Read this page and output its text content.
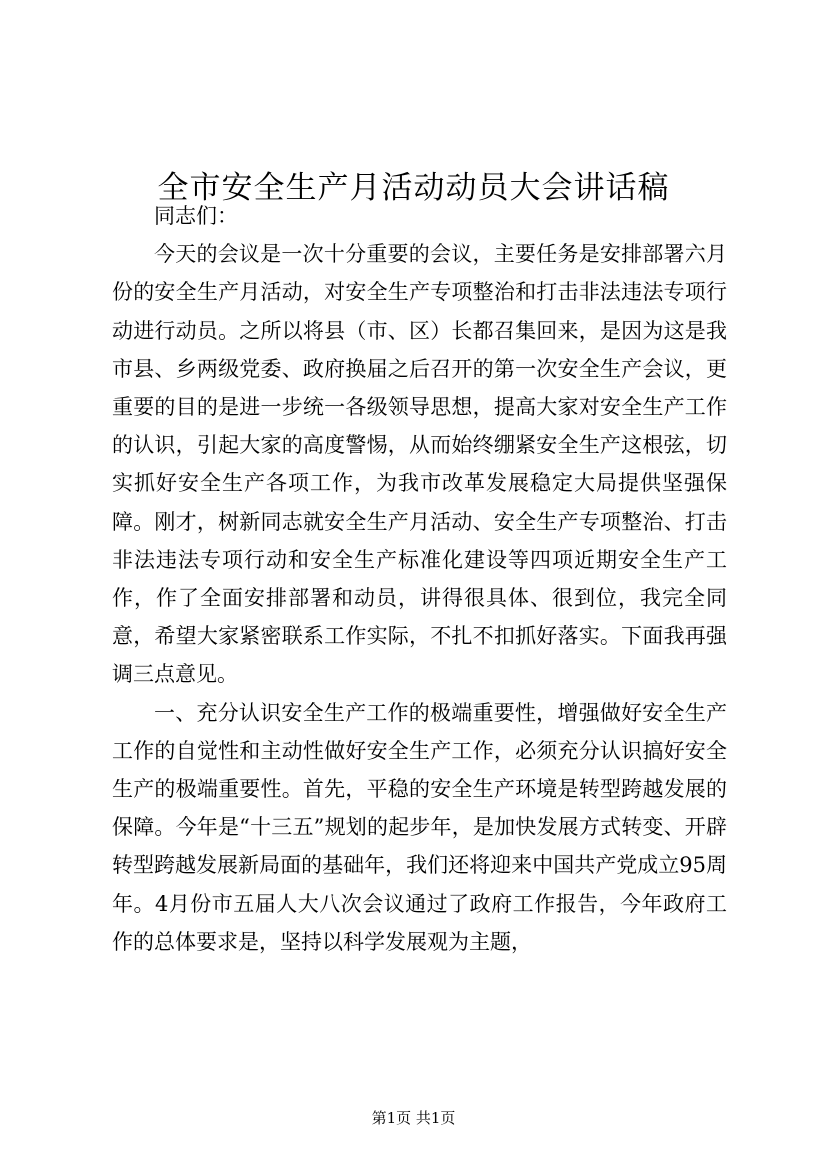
全市安全生产月活动动员大会讲话稿

同志们：

今天的会议是一次十分重要的会议，主要任务是安排部署六月份的安全生产月活动，对安全生产专项整治和打击非法违法专项行动进行动员。之所以将县（市、区）长都召集回来，是因为这是我市县、乡两级党委、政府换届之后召开的第一次安全生产会议，更重要的目的是进一步统一各级领导思想，提高大家对安全生产工作的认识，引起大家的高度警惕，从而始终绷紧安全生产这根弦，切实抓好安全生产各项工作，为我市改革发展稳定大局提供坚强保障。刚才，树新同志就安全生产月活动、安全生产专项整治、打击非法违法专项行动和安全生产标准化建设等四项近期安全生产工作，作了全面安排部署和动员，讲得很具体、很到位，我完全同意，希望大家紧密联系工作实际，不扎不扣抓好落实。下面我再强调三点意见。

一、充分认识安全生产工作的极端重要性，增强做好安全生产工作的自觉性和主动性做好安全生产工作，必须充分认识搞好安全生产的极端重要性。首先，平稳的安全生产环境是转型跨越发展的保障。今年是“十三五”规划的起步年，是加快发展方式转变、开辟转型跨越发展新局面的基础年，我们还将迎来中国共产党成立95周年。4月份市五届人大八次会议通过了政府工作报告，今年政府工作的总体要求是，坚持以科学发展观为主题，

第1页 共1页
